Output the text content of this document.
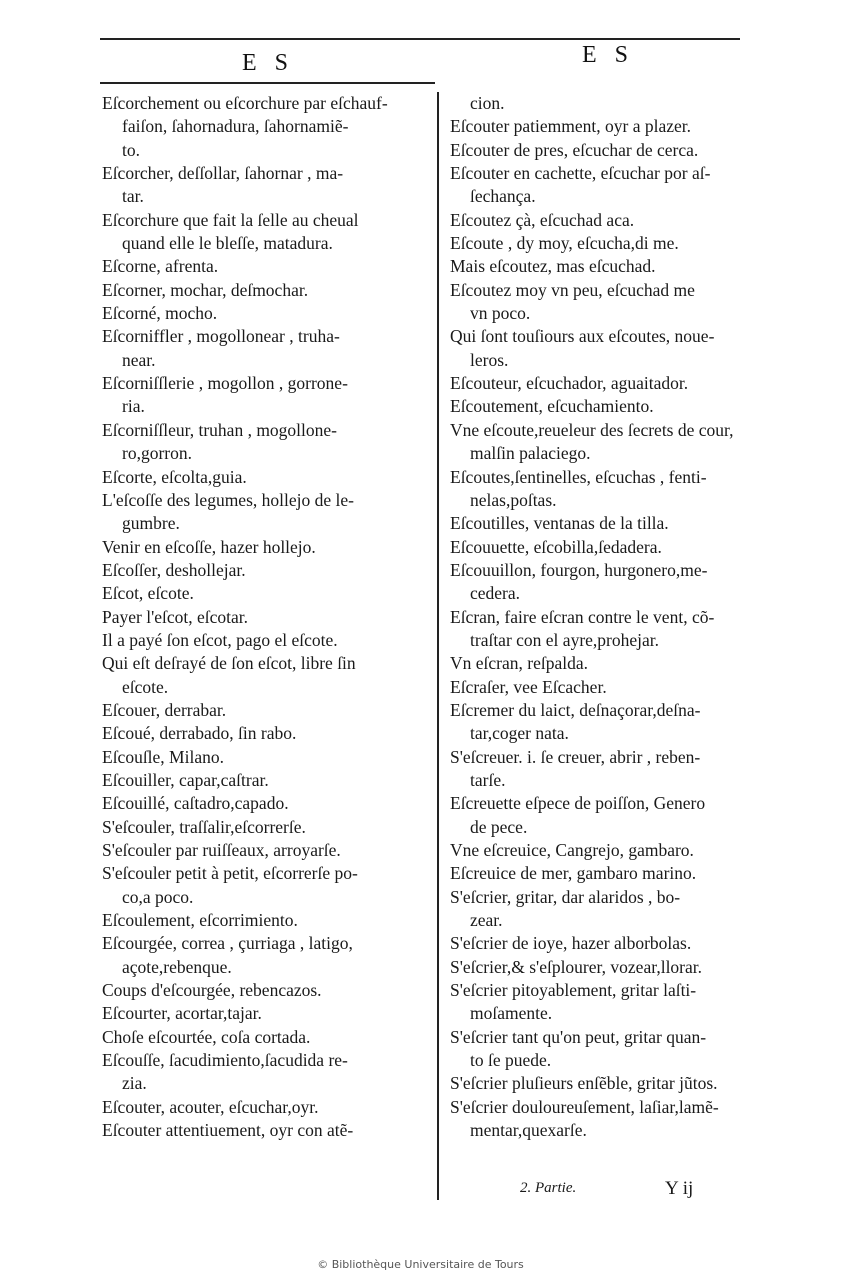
E S	E S
Eſcorchement ou eſcorchure par eſchauf-
faiſon, ſahornadura, ſahornamiẽ-
to.
Eſcorcher, deſſollar, ſahornar , ma-
tar.
Eſcorchure que fait la ſelle au cheual
quand elle le bleſſe, matadura.
Eſcorne, afrenta.
Eſcorner, mochar, deſmochar.
Eſcorné, mocho.
Eſcorniffler , mogollonear , truha-
near.
Eſcorniſſlerie , mogollon , gorrone-
ria.
Eſcorniſſleur, truhan , mogollone-
ro,gorron.
Eſcorte, eſcolta,guia.
L'eſcoſſe des legumes, hollejo de le-
gumbre.
Venir en eſcoſſe, hazer hollejo.
Eſcoſſer, deshollejar.
Eſcot, eſcote.
Payer l'eſcot, eſcotar.
Il a payé ſon eſcot, pago el eſcote.
Qui eſt deſrayé de ſon eſcot, libre ſin
eſcote.
Eſcouer, derrabar.
Eſcoué, derrabado, ſin rabo.
Eſcouſle, Milano.
Eſcouiller, capar,caſtrar.
Eſcouillé, caſtadro,capado.
S'eſcouler, traſſalir,eſcorrerſe.
S'eſcouler par ruiſſeaux, arroyarſe.
S'eſcouler petit à petit, eſcorrerſe po-
co,a poco.
Eſcoulement, eſcorrimiento.
Eſcourgée, correa , çurriaga , latigo,
açote,rebenque.
Coups d'eſcourgée, rebencazos.
Eſcourter, acortar,tajar.
Choſe eſcourtée, coſa cortada.
Eſcouſſe, ſacudimiento,ſacudida re-
zia.
Eſcouter, acouter, eſcuchar,oyr.
Eſcouter attentiuement, oyr con atẽ-
cion.
Eſcouter patiemment, oyr a plazer.
Eſcouter de pres, eſcuchar de cerca.
Eſcouter en cachette, eſcuchar por aſ-
ſechança.
Eſcoutez çà, eſcuchad aca.
Eſcoute , dy moy, eſcucha,di me.
Mais eſcoutez, mas eſcuchad.
Eſcoutez moy vn peu, eſcuchad me
vn poco.
Qui ſont touſiours aux eſcoutes, noue-
leros.
Eſcouteur, eſcuchador, aguaitador.
Eſcoutement, eſcuchamiento.
Vne eſcoute,reueleur des ſecrets de cour,
malſin palaciego.
Eſcoutes,ſentinelles, eſcuchas , fenti-
nelas,poſtas.
Eſcoutilles, ventanas de la tilla.
Eſcouuette, eſcobilla,ſedadera.
Eſcouuillon, fourgon, hurgonero,me-
cedera.
Eſcran, faire eſcran contre le vent, cõ-
traſtar con el ayre,prohejar.
Vn eſcran, reſpalda.
Eſcraſer, vee Eſcacher.
Eſcremer du laict, deſnaçorar,deſna-
tar,coger nata.
S'eſcreuer. i. ſe creuer, abrir , reben-
tarſe.
Eſcreuette eſpece de poiſſon, Genero
de pece.
Vne eſcreuice, Cangrejo, gambaro.
Eſcreuice de mer, gambaro marino.
S'eſcrier, gritar, dar alaridos , bo-
zear.
S'eſcrier de ioye, hazer alborbolas.
S'eſcrier,& s'eſplourer, vozear,llorar.
S'eſcrier pitoyablement, gritar laſti-
moſamente.
S'eſcrier tant qu'on peut, gritar quan-
to ſe puede.
S'eſcrier pluſieurs enſẽble, gritar jũtos.
S'eſcrier douloureuſement, laſiar,lamẽ-
mentar,quexarſe.
2. Partie.	Y ij
© Bibliothèque Universitaire de Tours
